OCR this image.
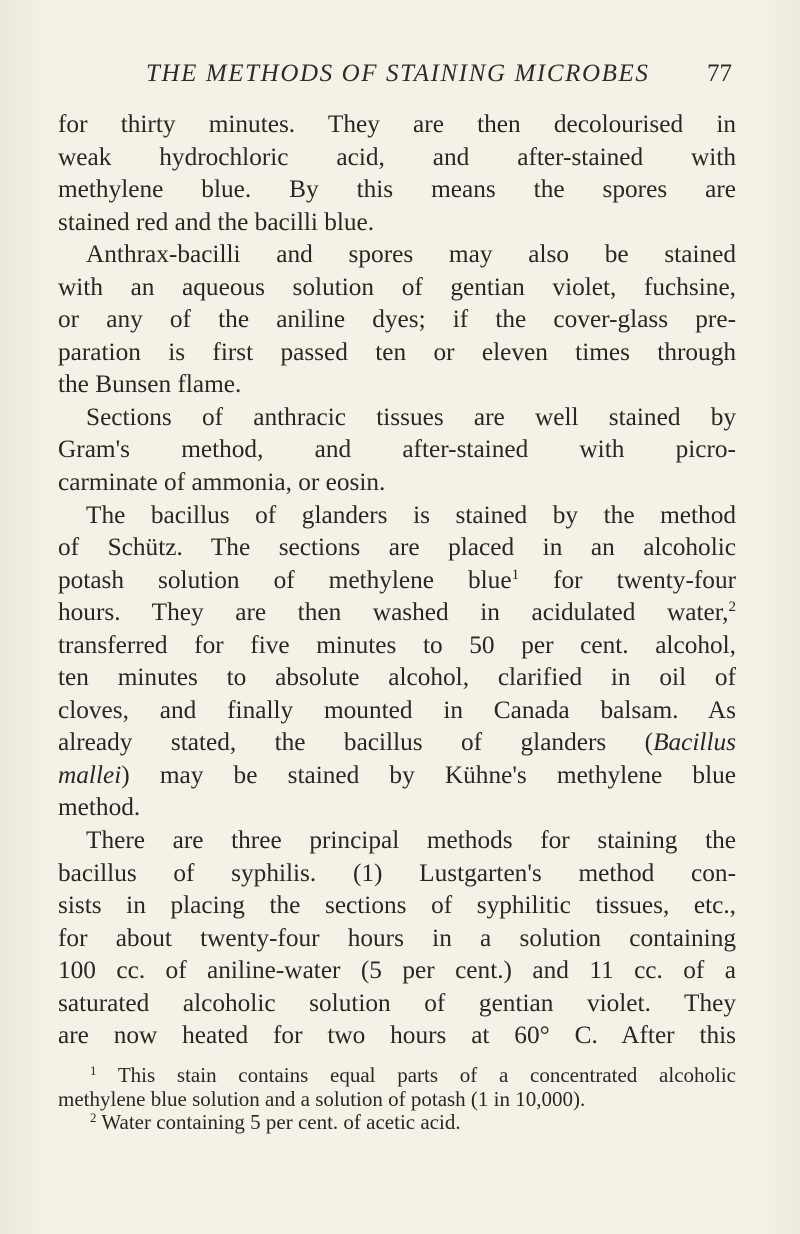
THE METHODS OF STAINING MICROBES 77
for thirty minutes. They are then decolourised in
weak hydrochloric acid, and after-stained with
methylene blue. By this means the spores are
stained red and the bacilli blue.
Anthrax-bacilli and spores may also be stained
with an aqueous solution of gentian violet, fuchsine,
or any of the aniline dyes; if the cover-glass pre-
paration is first passed ten or eleven times through
the Bunsen flame.
Sections of anthracic tissues are well stained by
Gram's method, and after-stained with picro-
carminate of ammonia, or eosin.
The bacillus of glanders is stained by the method
of Schütz. The sections are placed in an alcoholic
potash solution of methylene blue$^1$ for twenty-four
hours. They are then washed in acidulated water,$^2$
transferred for five minutes to 50 per cent. alcohol,
ten minutes to absolute alcohol, clarified in oil of
cloves, and finally mounted in Canada balsam. As
already stated, the bacillus of glanders (Bacillus
mallei) may be stained by Kühne's methylene blue
method.
There are three principal methods for staining the
bacillus of syphilis. (1) Lustgarten's method con-
sists in placing the sections of syphilitic tissues, etc.,
for about twenty-four hours in a solution containing
100 cc. of aniline-water (5 per cent.) and 11 cc. of a
saturated alcoholic solution of gentian violet. They
are now heated for two hours at 60° C. After this
$^1$ This stain contains equal parts of a concentrated alcoholic
methylene blue solution and a solution of potash (1 in 10,000).
$^2$ Water containing 5 per cent. of acetic acid.
